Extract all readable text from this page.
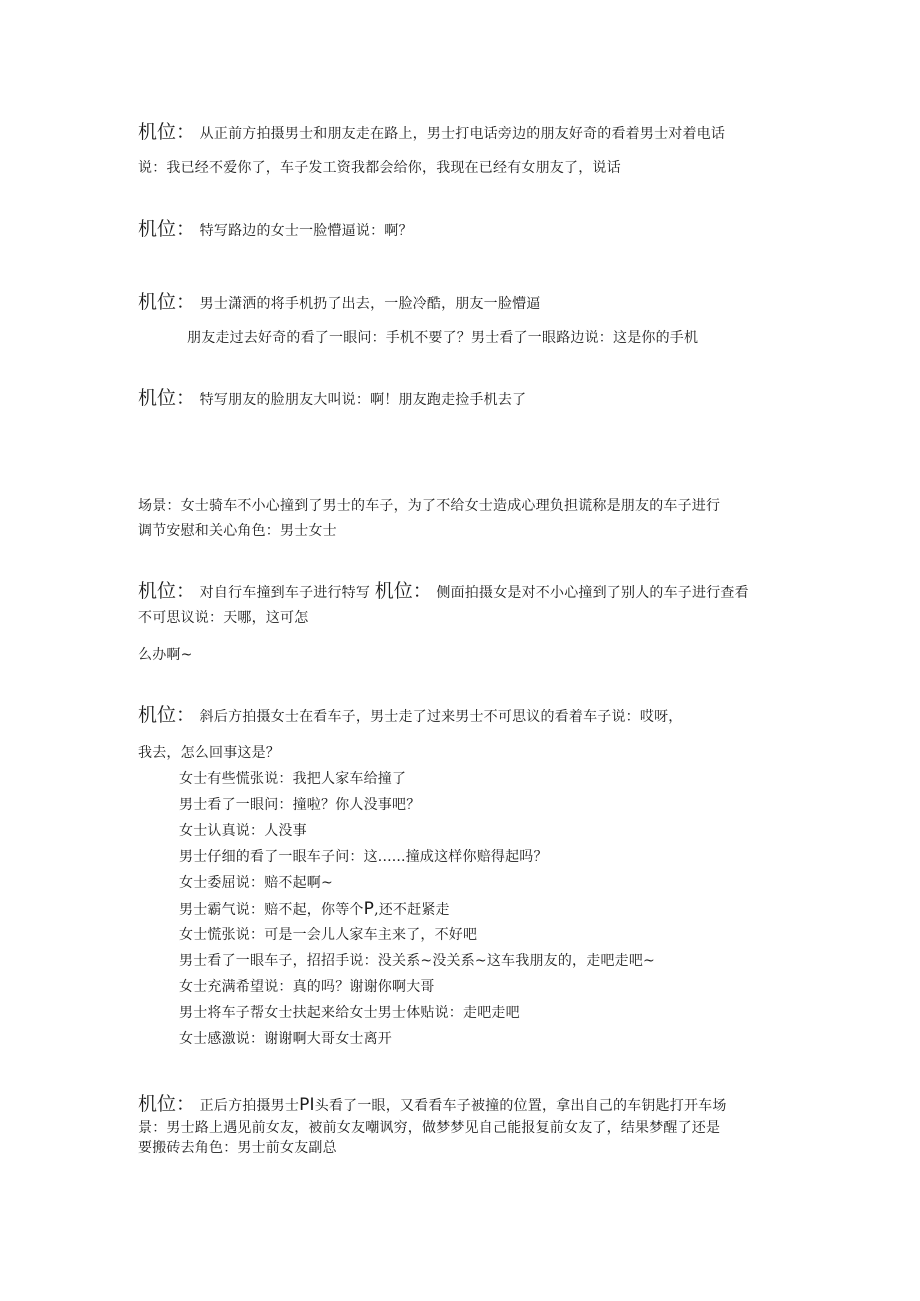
机位： 从正前方拍摄男士和朋友走在路上，男士打电话旁边的朋友好奇的看着男士对着电话
说：我已经不爱你了，车子发工资我都会给你，我现在已经有女朋友了，说话
机位： 特写路边的女士一脸懵逼说：啊？
机位： 男士潇洒的将手机扔了出去，一脸冷酷，朋友一脸懵逼
朋友走过去好奇的看了一眼问：手机不要了？男士看了一眼路边说：这是你的手机
机位： 特写朋友的脸朋友大叫说：啊！朋友跑走捡手机去了
场景：女士骑车不小心撞到了男士的车子，为了不给女士造成心理负担谎称是朋友的车子进行
调节安慰和关心角色：男士女士
机位： 对自行车撞到车子进行特写 机位： 侧面拍摄女是对不小心撞到了别人的车子进行查看
不可思议说：天哪，这可怎
么办啊~
机位： 斜后方拍摄女士在看车子，男士走了过来男士不可思议的看着车子说：哎呀，
我去，怎么回事这是？
女士有些慌张说：我把人家车给撞了
男士看了一眼问：撞啦？你人没事吧？
女士认真说：人没事
男士仔细的看了一眼车子问：这......撞成这样你赔得起吗？
女士委屈说：赔不起啊~
男士霸气说：赔不起，你等个P,还不赶紧走
女士慌张说：可是一会儿人家车主来了，不好吧
男士看了一眼车子，招招手说：没关系~没关系~这车我朋友的，走吧走吧~
女士充满希望说：真的吗？谢谢你啊大哥
男士将车子帮女士扶起来给女士男士体贴说：走吧走吧
女士感激说：谢谢啊大哥女士离开
机位： 正后方拍摄男士PI头看了一眼，又看看车子被撞的位置，拿出自己的车钥匙打开车场
景：男士路上遇见前女友，被前女友嘲讽穷，做梦梦见自己能报复前女友了，结果梦醒了还是
要搬砖去角色：男士前女友副总
